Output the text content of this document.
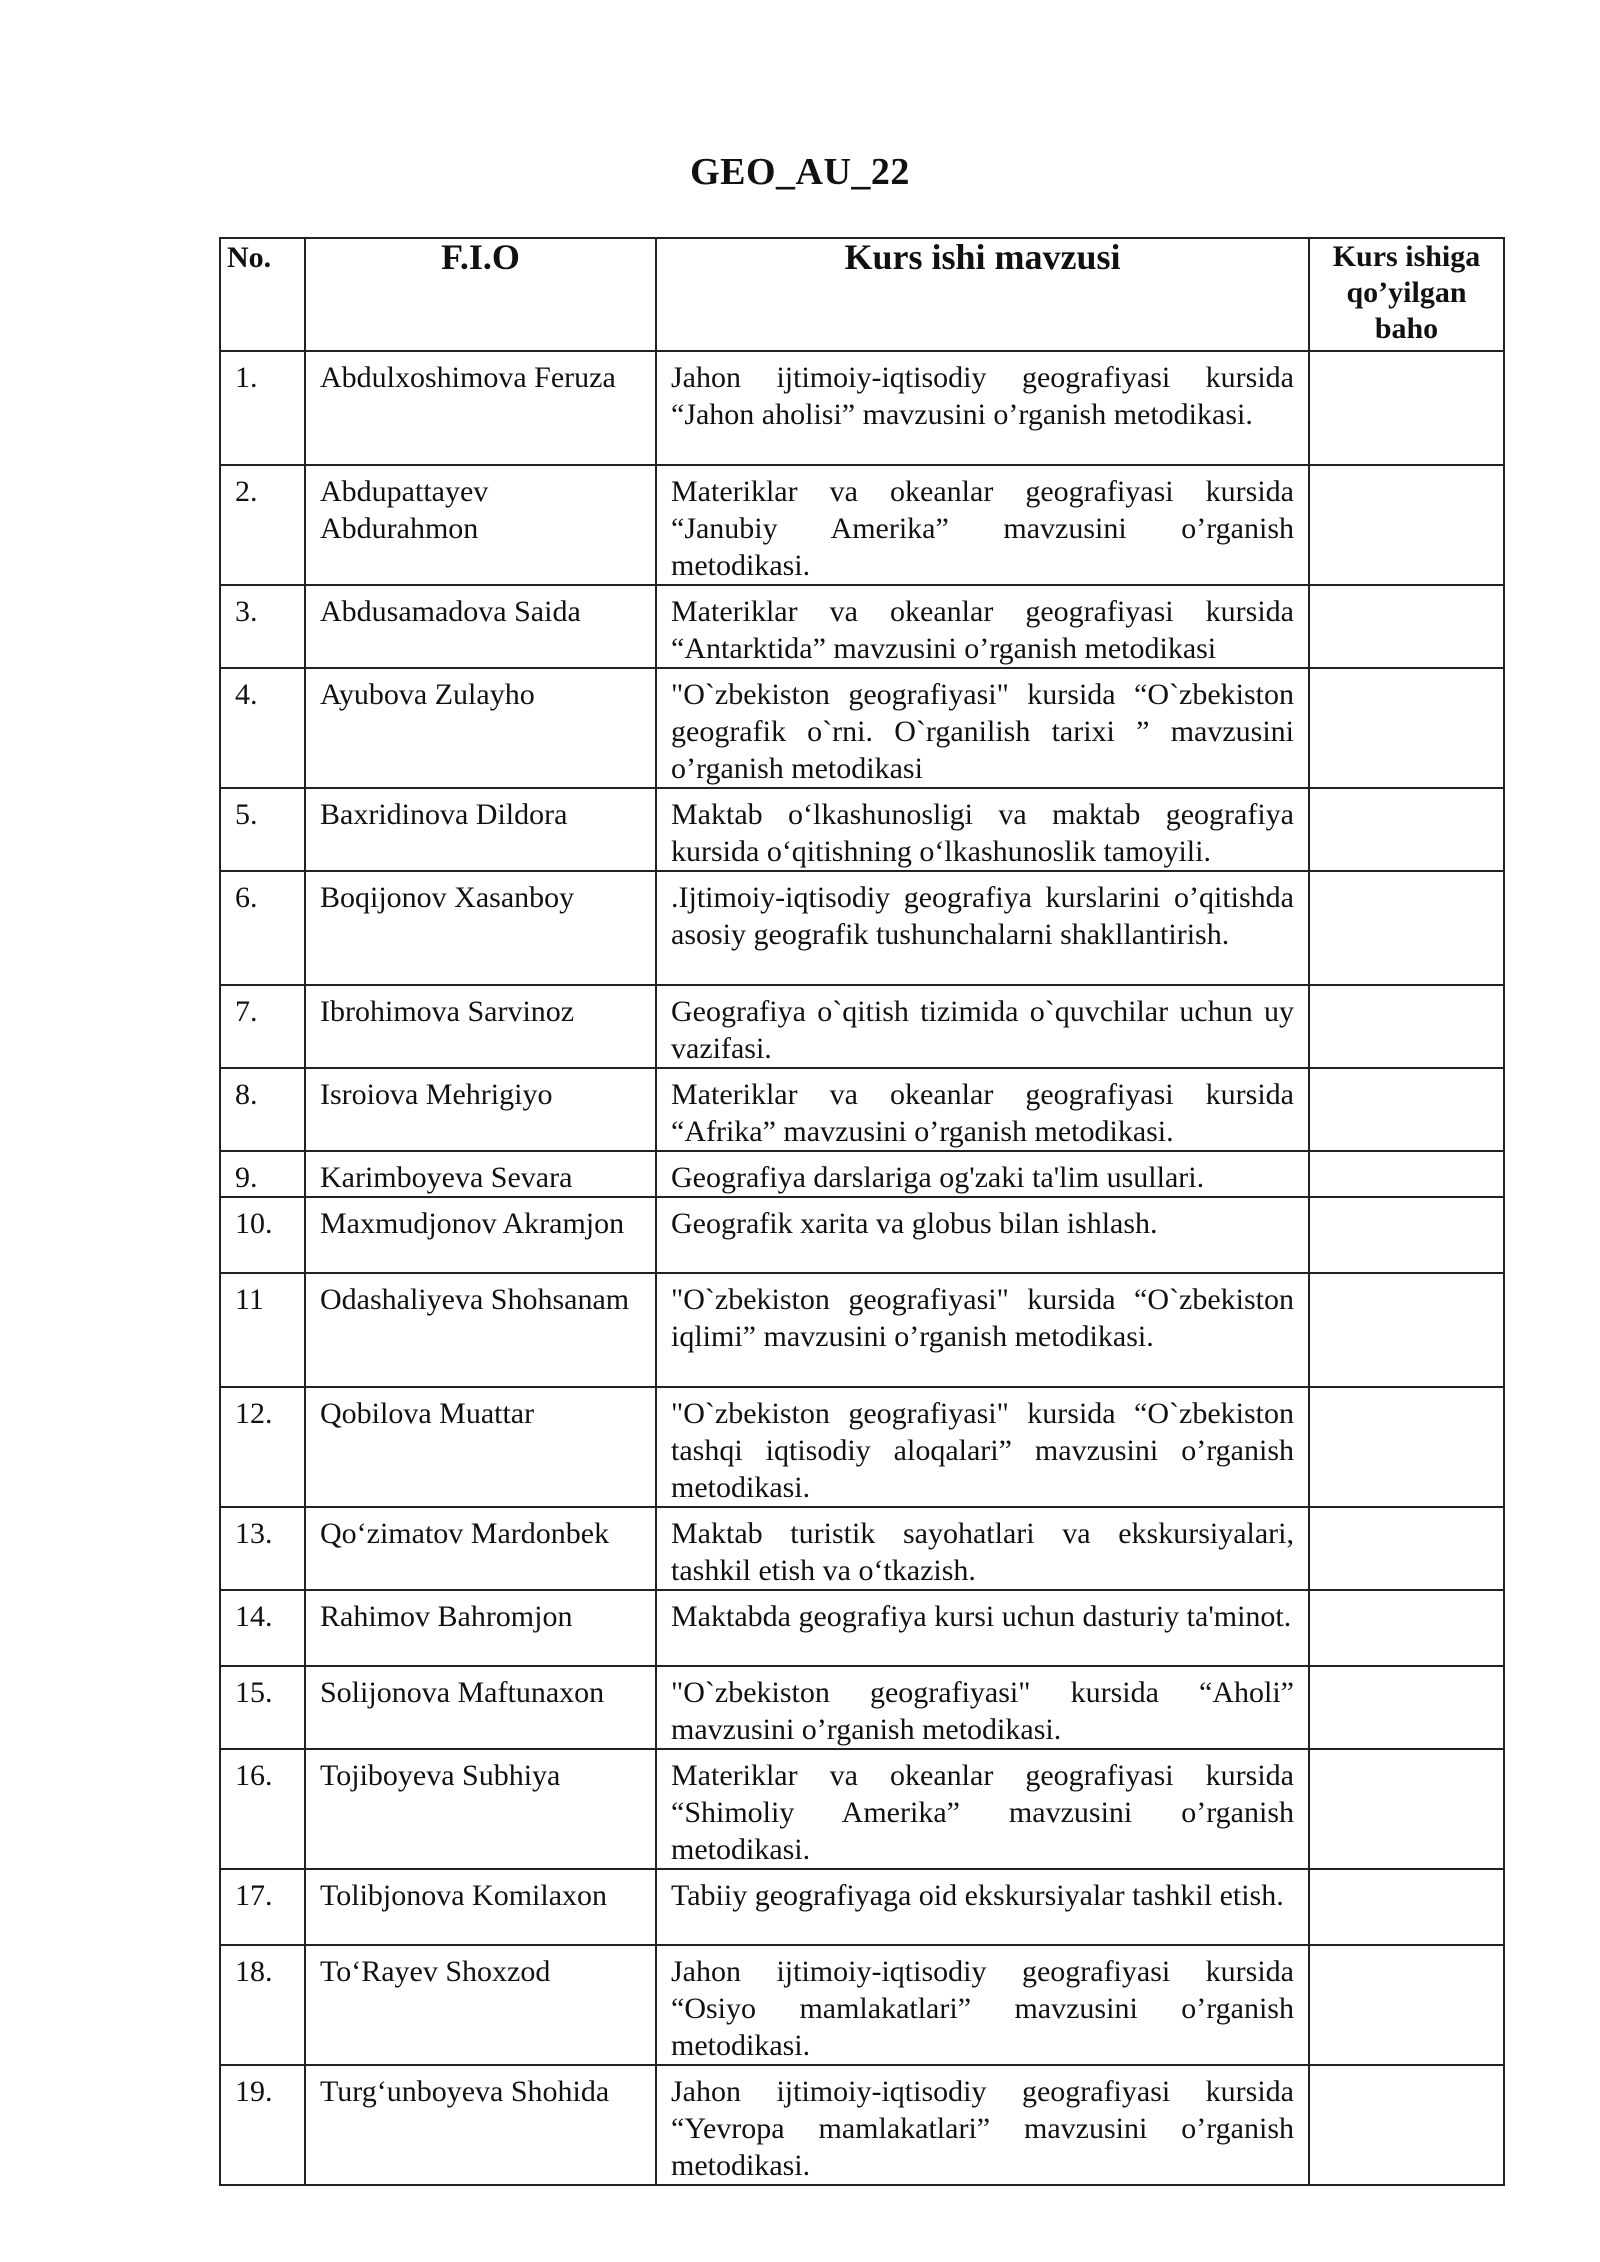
GEO_AU_22
No.	F.I.O	Kurs ishi mavzusi	Kurs ishiga qo’yilgan baho
1.	Abdulxoshimova Feruza	Jahon ijtimoiy-iqtisodiy geografiyasi kursida “Jahon aholisi” mavzusini o’rganish metodikasi.	
2.	Abdupattayev Abdurahmon	Materiklar va okeanlar geografiyasi kursida “Janubiy Amerika” mavzusini o’rganish metodikasi.	
3.	Abdusamadova Saida	Materiklar va okeanlar geografiyasi kursida “Antarktida” mavzusini o’rganish metodikasi	
4.	Ayubova Zulayho	"O`zbekiston geografiyasi" kursida “O`zbekiston geografik o`rni. O`rganilish tarixi ” mavzusini o’rganish metodikasi	
5.	Baxridinova Dildora	Maktab o‘lkashunosligi va maktab geografiya kursida o‘qitishning o‘lkashunoslik tamoyili.	
6.	Boqijonov Xasanboy	.Ijtimoiy-iqtisodiy geografiya kurslarini o’qitishda asosiy geografik tushunchalarni shakllantirish.	
7.	Ibrohimova Sarvinoz	Geografiya o`qitish tizimida o`quvchilar uchun uy vazifasi.	
8.	Isroiova Mehrigiyo	Materiklar va okeanlar geografiyasi kursida “Afrika” mavzusini o’rganish metodikasi.	
9.	Karimboyeva Sevara	Geografiya darslariga og'zaki ta'lim usullari.	
10.	Maxmudjonov Akramjon	Geografik xarita va globus bilan ishlash.	
11	Odashaliyeva Shohsanam	"O`zbekiston geografiyasi" kursida “O`zbekiston iqlimi” mavzusini o’rganish metodikasi.	
12.	Qobilova Muattar	"O`zbekiston geografiyasi" kursida “O`zbekiston tashqi iqtisodiy aloqalari” mavzusini o’rganish metodikasi.	
13.	Qo‘zimatov Mardonbek	Maktab turistik sayohatlari va ekskursiyalari, tashkil etish va o‘tkazish.	
14.	Rahimov Bahromjon	Maktabda geografiya kursi uchun dasturiy ta'minot.	
15.	Solijonova Maftunaxon	"O`zbekiston geografiyasi" kursida “Aholi” mavzusini o’rganish metodikasi.	
16.	Tojiboyeva Subhiya	Materiklar va okeanlar geografiyasi kursida “Shimoliy Amerika” mavzusini o’rganish metodikasi.	
17.	Tolibjonova Komilaxon	Tabiiy geografiyaga oid ekskursiyalar tashkil etish.	
18.	To‘Rayev Shoxzod	Jahon ijtimoiy-iqtisodiy geografiyasi kursida “Osiyo mamlakatlari” mavzusini o’rganish metodikasi.	
19.	Turg‘unboyeva Shohida	Jahon ijtimoiy-iqtisodiy geografiyasi kursida “Yevropa mamlakatlari” mavzusini o’rganish metodikasi.	
